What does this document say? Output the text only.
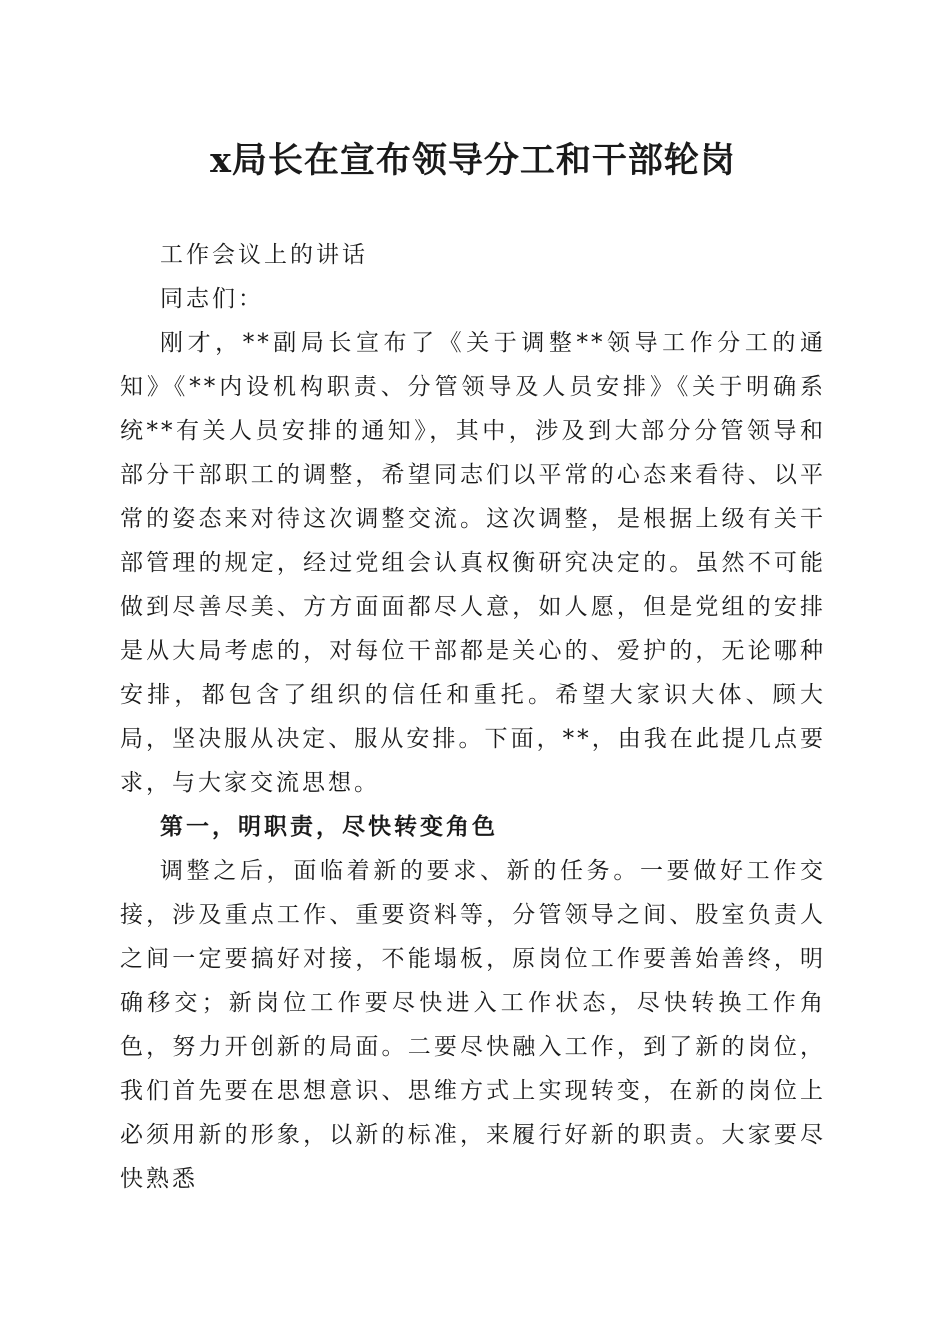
x局长在宣布领导分工和干部轮岗

工作会议上的讲话

同志们：

刚才，**副局长宣布了《关于调整**领导工作分工的通知》《**内设机构职责、分管领导及人员安排》《关于明确系统**有关人员安排的通知》，其中，涉及到大部分分管领导和部分干部职工的调整，希望同志们以平常的心态来看待、以平常的姿态来对待这次调整交流。这次调整，是根据上级有关干部管理的规定，经过党组会认真权衡研究决定的。虽然不可能做到尽善尽美、方方面面都尽人意，如人愿，但是党组的安排是从大局考虑的，对每位干部都是关心的、爱护的，无论哪种安排，都包含了组织的信任和重托。希望大家识大体、顾大局，坚决服从决定、服从安排。下面，**，由我在此提几点要求，与大家交流思想。

第一，明职责，尽快转变角色

调整之后，面临着新的要求、新的任务。一要做好工作交接，涉及重点工作、重要资料等，分管领导之间、股室负责人之间一定要搞好对接，不能塌板，原岗位工作要善始善终，明确移交；新岗位工作要尽快进入工作状态，尽快转换工作角色，努力开创新的局面。二要尽快融入工作，到了新的岗位，我们首先要在思想意识、思维方式上实现转变，在新的岗位上必须用新的形象，以新的标准，来履行好新的职责。大家要尽快熟悉
